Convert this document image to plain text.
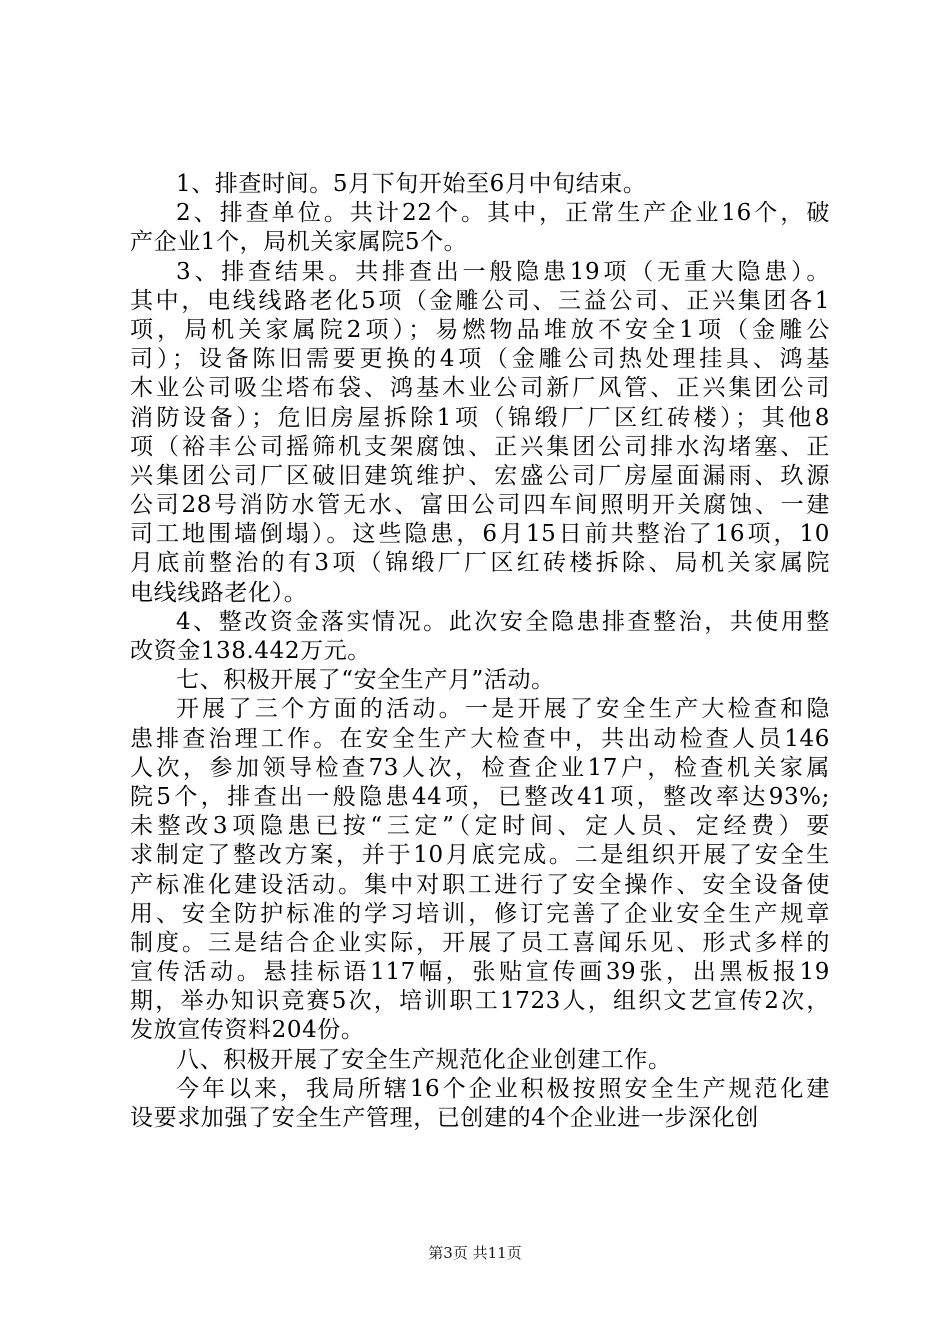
1、排查时间。5月下旬开始至6月中旬结束。
2、排查单位。共计22个。其中，正常生产企业16个，破
产企业1个，局机关家属院5个。
3、排查结果。共排查出一般隐患19项（无重大隐患）。
其中，电线线路老化5项（金雕公司、三益公司、正兴集团各1
项，局机关家属院2项）；易燃物品堆放不安全1项（金雕公
司）；设备陈旧需要更换的4项（金雕公司热处理挂具、鸿基
木业公司吸尘塔布袋、鸿基木业公司新厂风管、正兴集团公司
消防设备）；危旧房屋拆除1项（锦缎厂厂区红砖楼）；其他8
项（裕丰公司摇筛机支架腐蚀、正兴集团公司排水沟堵塞、正
兴集团公司厂区破旧建筑维护、宏盛公司厂房屋面漏雨、玖源
公司28号消防水管无水、富田公司四车间照明开关腐蚀、一建
司工地围墙倒塌）。这些隐患，6月15日前共整治了16项，10
月底前整治的有3项（锦缎厂厂区红砖楼拆除、局机关家属院
电线线路老化）。
4、整改资金落实情况。此次安全隐患排查整治，共使用整
改资金138.442万元。
七、积极开展了“安全生产月”活动。
开展了三个方面的活动。一是开展了安全生产大检查和隐
患排查治理工作。在安全生产大检查中，共出动检查人员146
人次，参加领导检查73人次，检查企业17户，检查机关家属
院5个，排查出一般隐患44项，已整改41项，整改率达93%;
未整改3项隐患已按“三定”（定时间、定人员、定经费）要
求制定了整改方案，并于10月底完成。二是组织开展了安全生
产标准化建设活动。集中对职工进行了安全操作、安全设备使
用、安全防护标准的学习培训，修订完善了企业安全生产规章
制度。三是结合企业实际，开展了员工喜闻乐见、形式多样的
宣传活动。悬挂标语117幅，张贴宣传画39张，出黑板报19
期，举办知识竞赛5次，培训职工1723人，组织文艺宣传2次，
发放宣传资料204份。
八、积极开展了安全生产规范化企业创建工作。
今年以来，我局所辖16个企业积极按照安全生产规范化建
设要求加强了安全生产管理，已创建的4个企业进一步深化创
第3页 共11页
